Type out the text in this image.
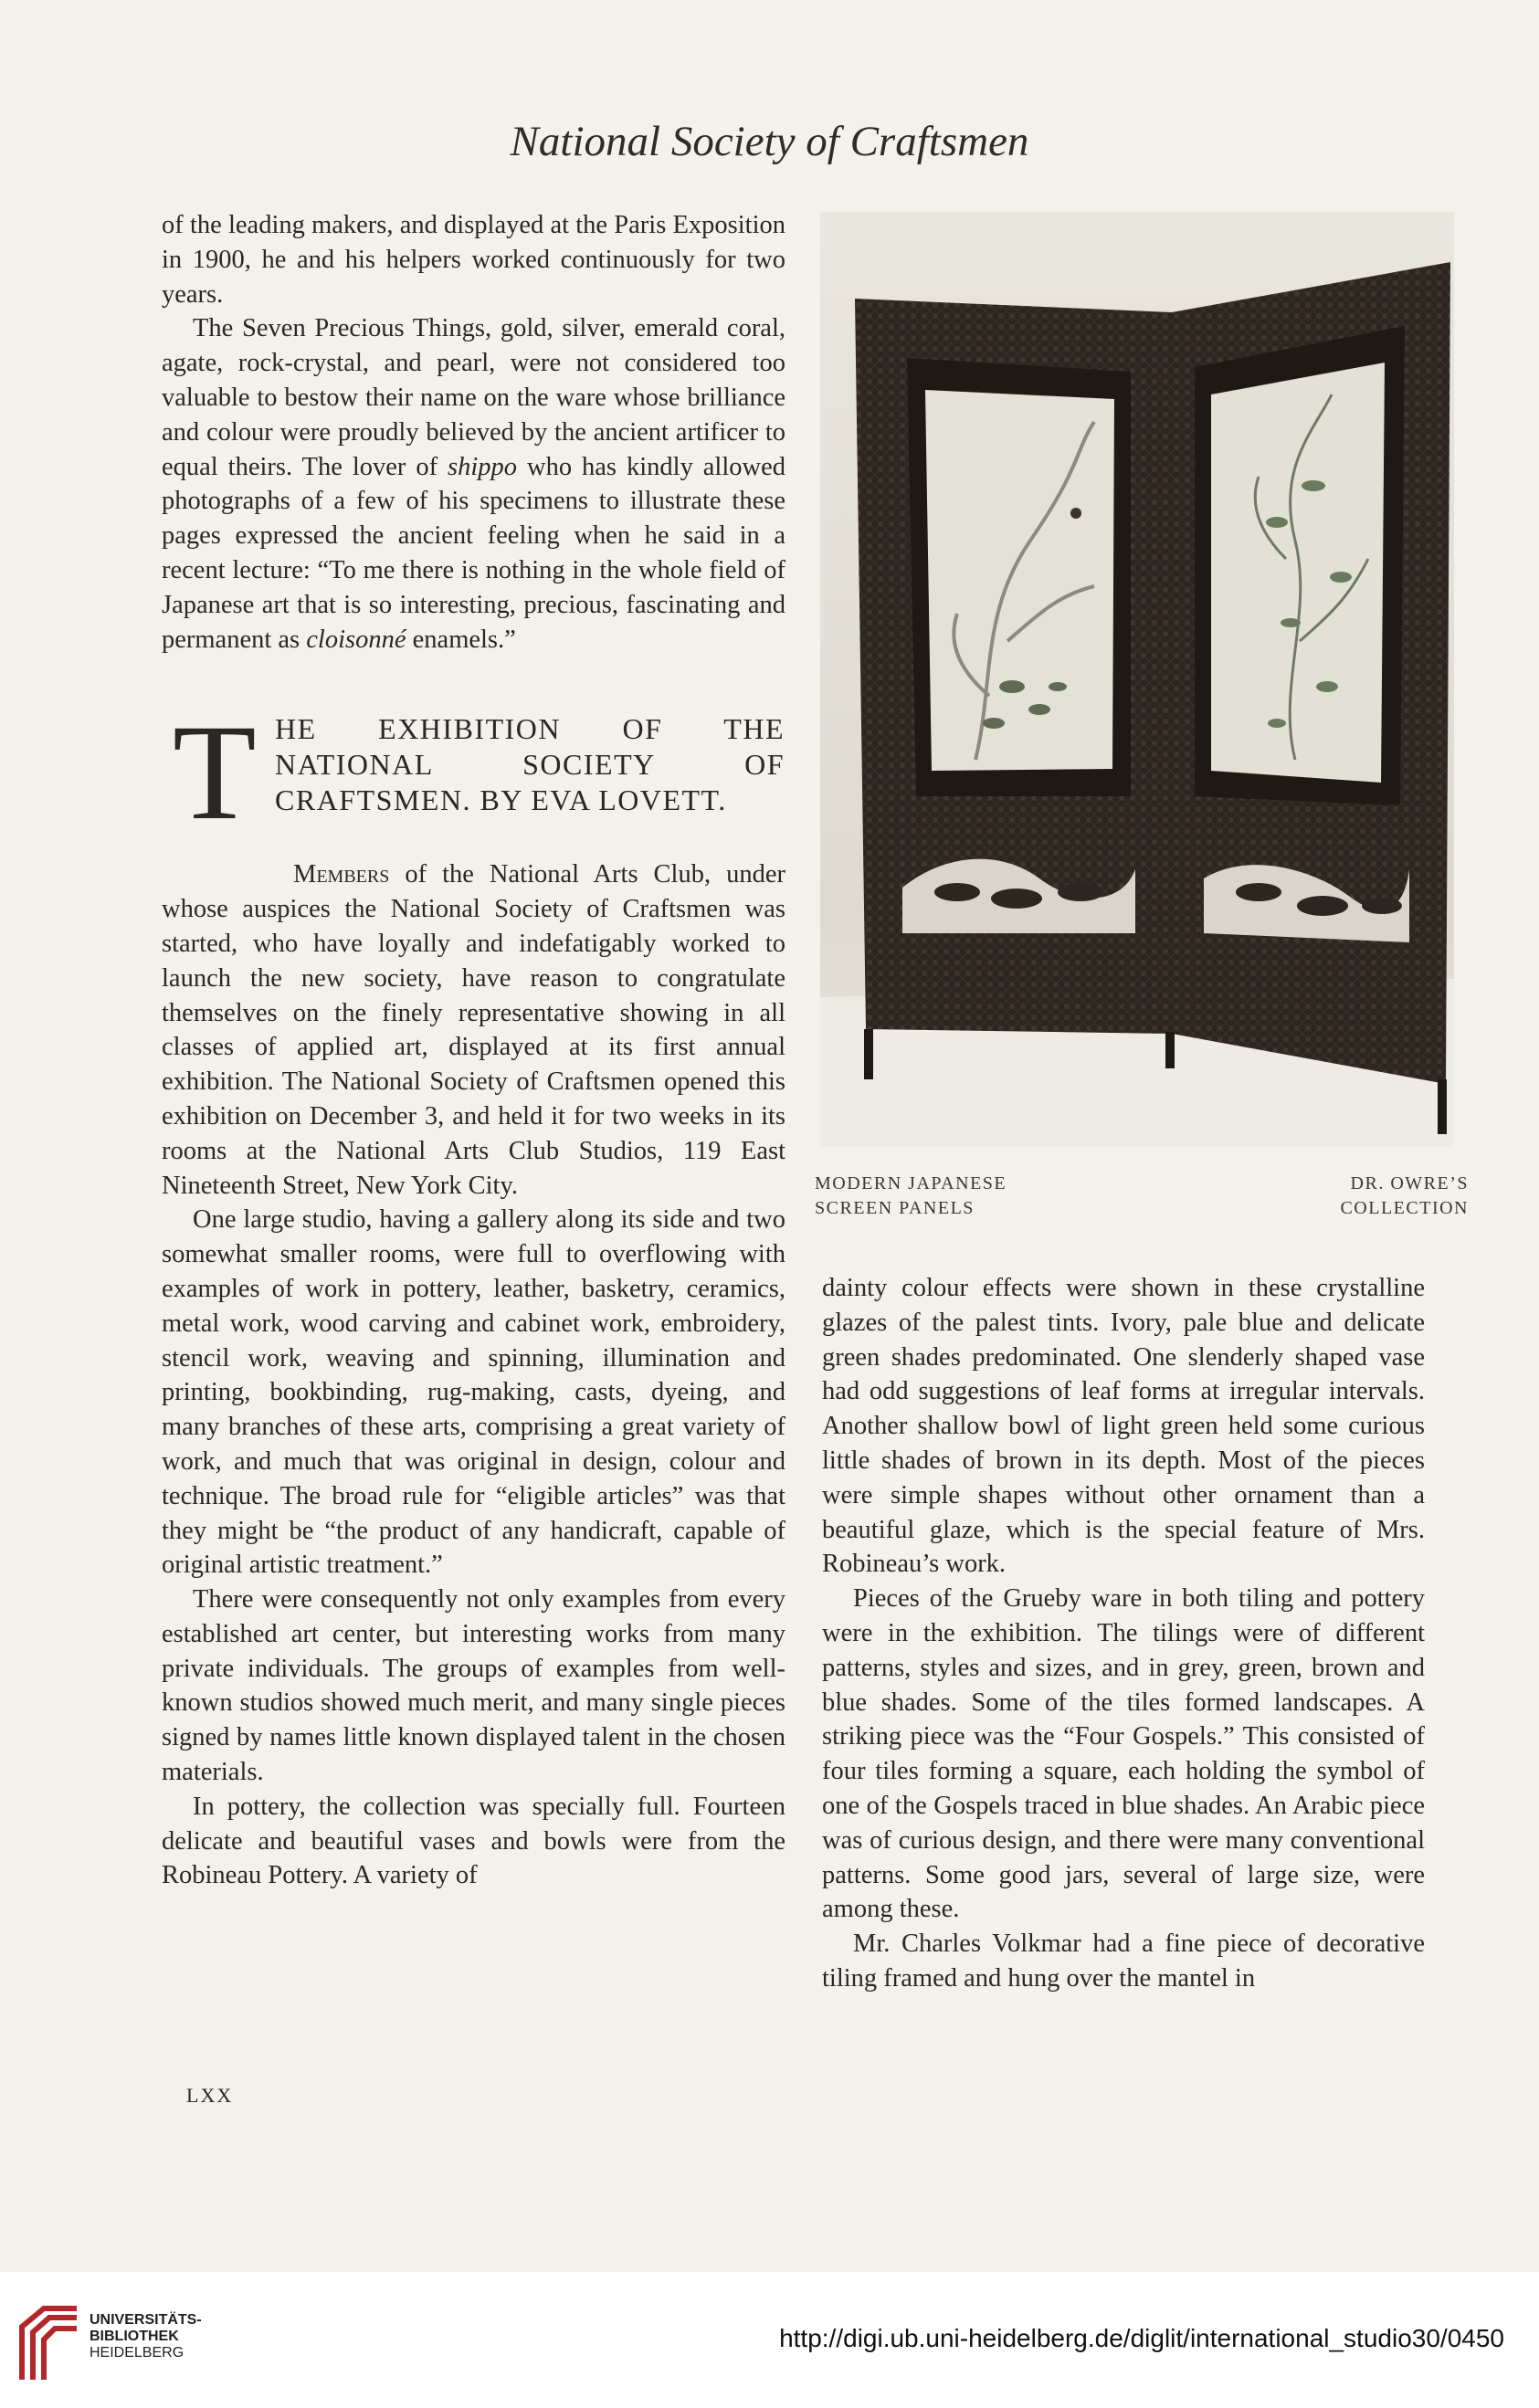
National Society of Craftsmen

of the leading makers, and displayed at the Paris Exposition in 1900, he and his helpers worked continuously for two years.

The Seven Precious Things, gold, silver, emerald coral, agate, rock-crystal, and pearl, were not considered too valuable to bestow their name on the ware whose brilliance and colour were proudly believed by the ancient artificer to equal theirs. The lover of shippo who has kindly allowed photographs of a few of his specimens to illustrate these pages expressed the ancient feeling when he said in a recent lecture: “To me there is nothing in the whole field of Japanese art that is so interesting, precious, fascinating and permanent as cloisonné enamels.”

T HE EXHIBITION OF THE NATIONAL SOCIETY OF CRAFTSMEN. BY EVA LOVETT.

Members of the National Arts Club, under whose auspices the National Society of Craftsmen was started, who have loyally and indefatigably worked to launch the new society, have reason to congratulate themselves on the finely representative showing in all classes of applied art, displayed at its first annual exhibition. The National Society of Craftsmen opened this exhibition on December 3, and held it for two weeks in its rooms at the National Arts Club Studios, 119 East Nineteenth Street, New York City.

One large studio, having a gallery along its side and two somewhat smaller rooms, were full to overflowing with examples of work in pottery, leather, basketry, ceramics, metal work, wood carving and cabinet work, embroidery, stencil work, weaving and spinning, illumination and printing, bookbinding, rug-making, casts, dyeing, and many branches of these arts, comprising a great variety of work, and much that was original in design, colour and technique. The broad rule for “eligible articles” was that they might be “the product of any handicraft, capable of original artistic treatment.”

There were consequently not only examples from every established art center, but interesting works from many private individuals. The groups of examples from well-known studios showed much merit, and many single pieces signed by names little known displayed talent in the chosen materials.

In pottery, the collection was specially full. Fourteen delicate and beautiful vases and bowls were from the Robineau Pottery. A variety of

MODERN JAPANESE
SCREEN PANELS
DR. OWRE’S
COLLECTION

dainty colour effects were shown in these crystalline glazes of the palest tints. Ivory, pale blue and delicate green shades predominated. One slenderly shaped vase had odd suggestions of leaf forms at irregular intervals. Another shallow bowl of light green held some curious little shades of brown in its depth. Most of the pieces were simple shapes without other ornament than a beautiful glaze, which is the special feature of Mrs. Robineau’s work.

Pieces of the Grueby ware in both tiling and pottery were in the exhibition. The tilings were of different patterns, styles and sizes, and in grey, green, brown and blue shades. Some of the tiles formed landscapes. A striking piece was the “Four Gospels.” This consisted of four tiles forming a square, each holding the symbol of one of the Gospels traced in blue shades. An Arabic piece was of curious design, and there were many conventional patterns. Some good jars, several of large size, were among these.

Mr. Charles Volkmar had a fine piece of decorative tiling framed and hung over the mantel in

LXX
UNIVERSITÄTS-
BIBLIOTHEK
HEIDELBERG
http://digi.ub.uni-heidelberg.de/diglit/international_studio30/0450
